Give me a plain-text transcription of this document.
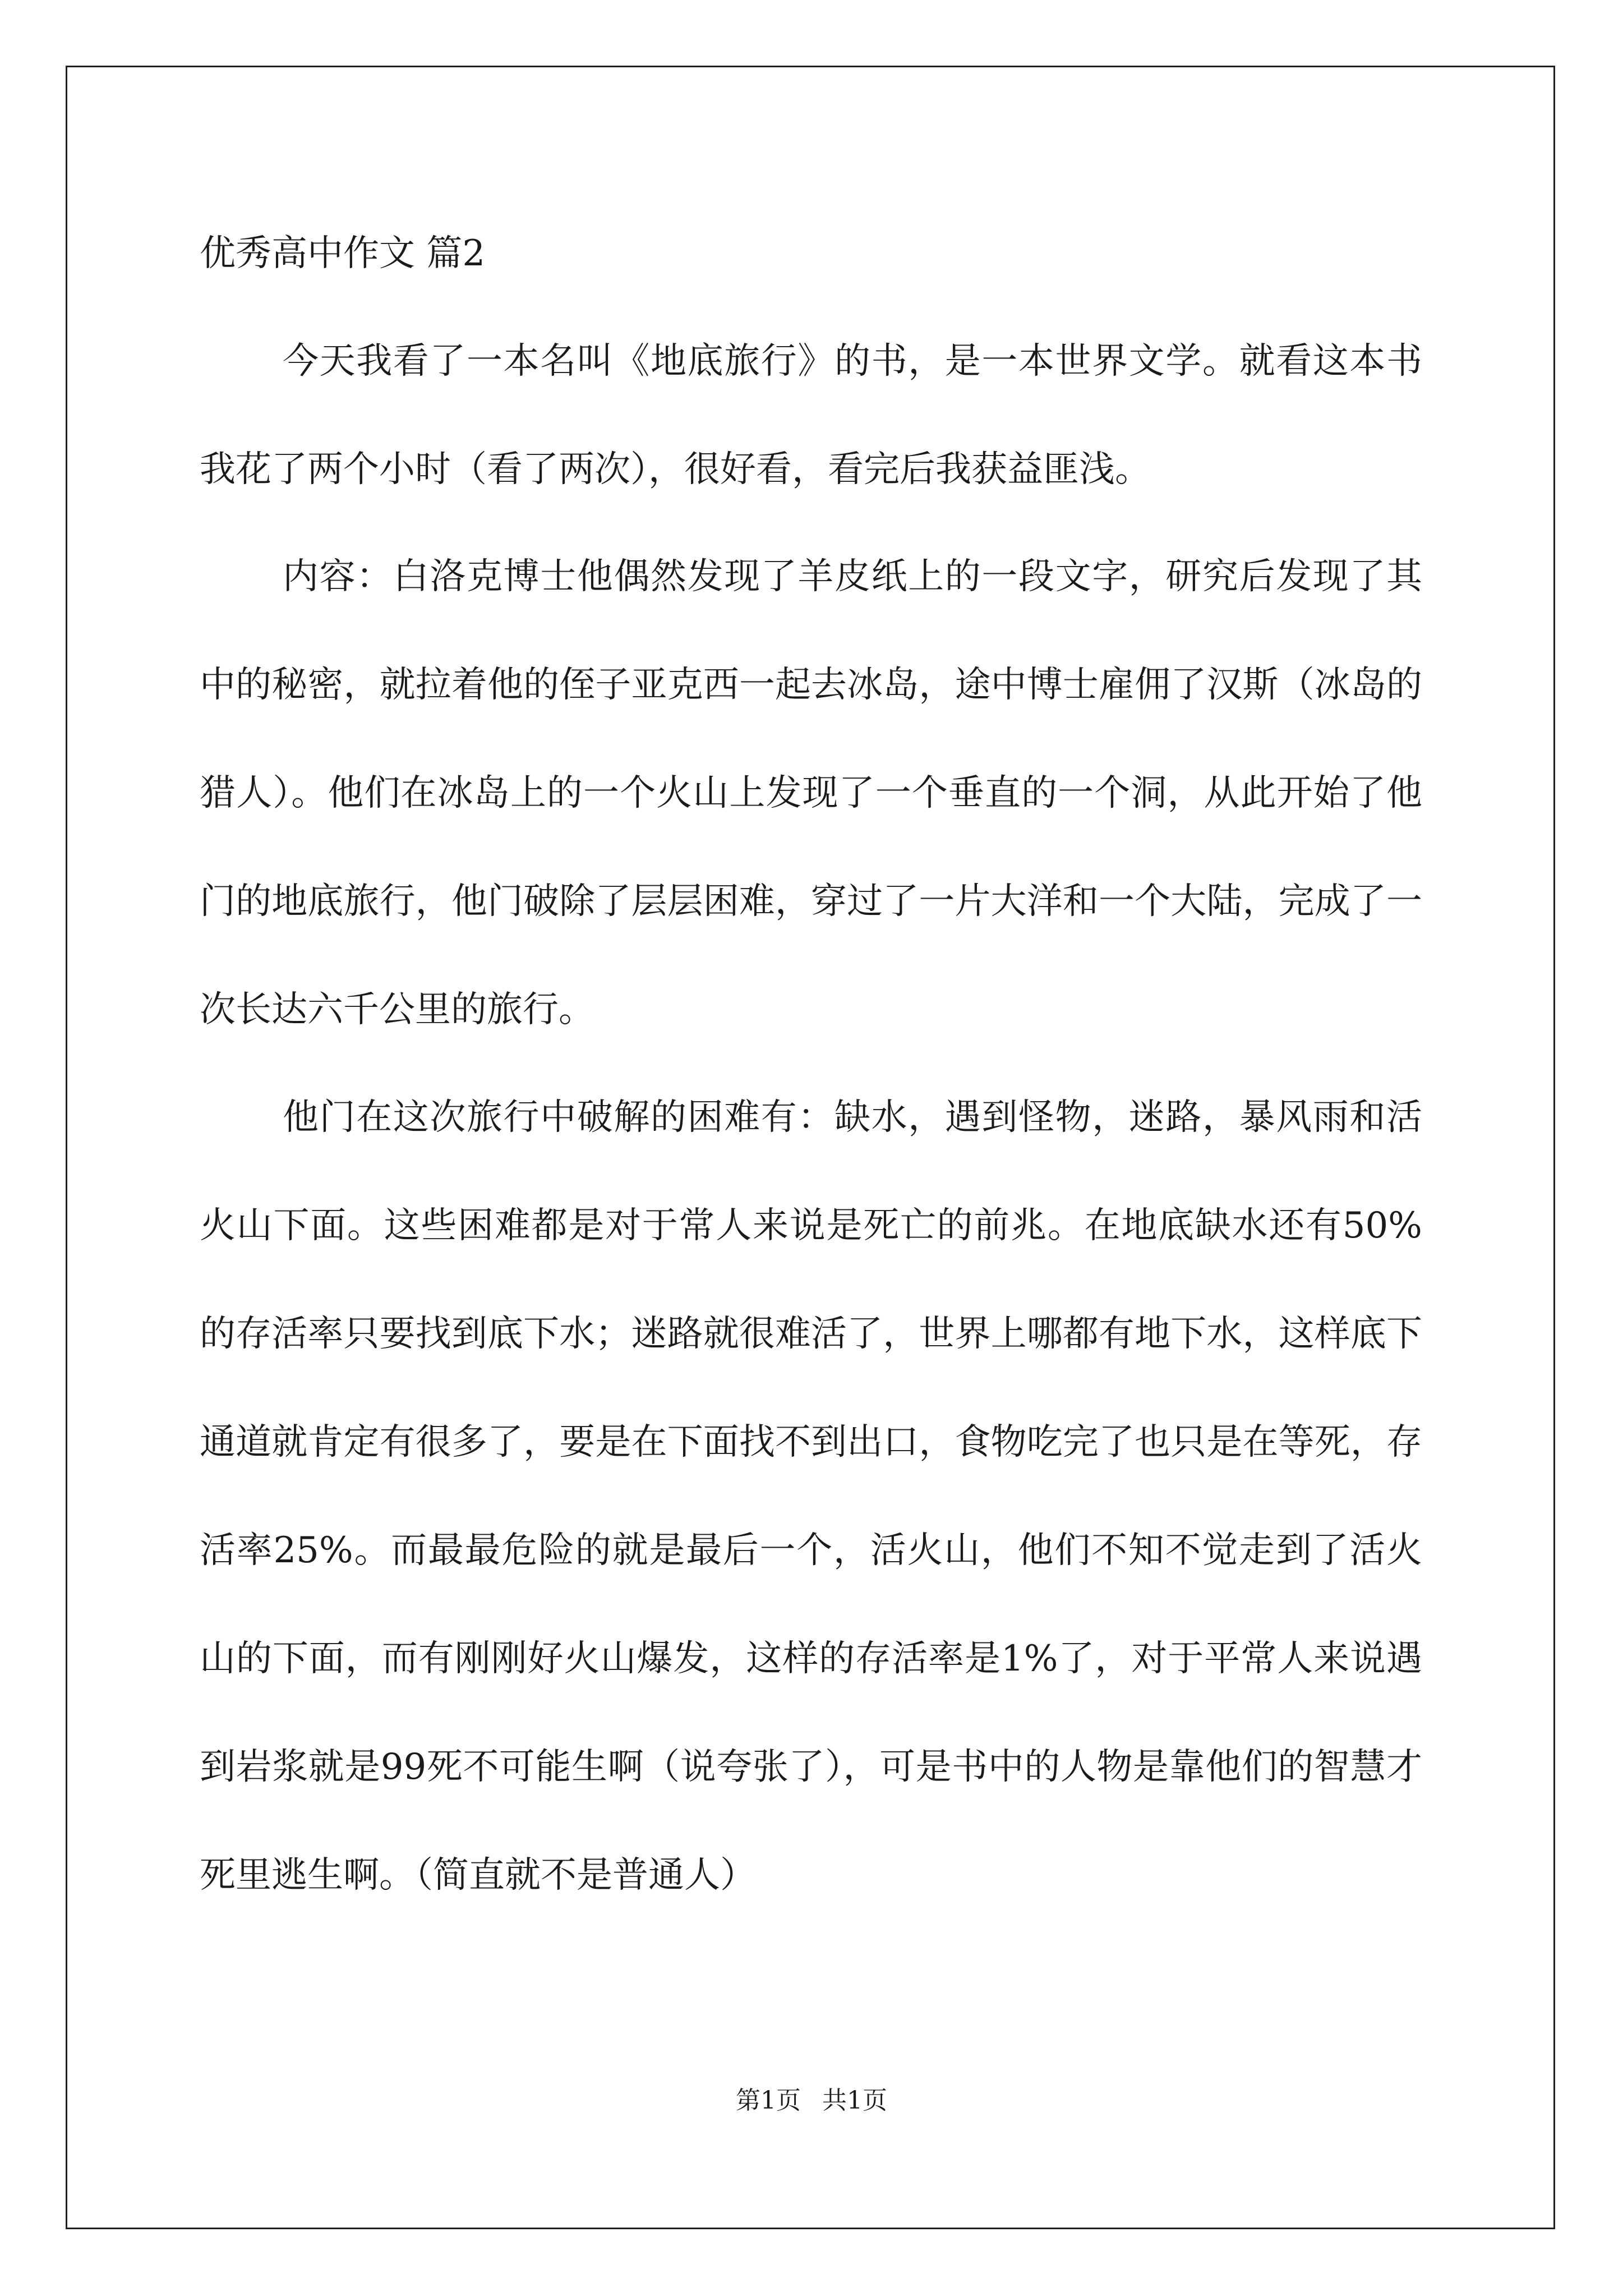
优秀高中作文 篇2

今天我看了一本名叫《地底旅行》的书，是一本世界文学。就看这本书我花了两个小时（看了两次），很好看，看完后我获益匪浅。

内容：白洛克博士他偶然发现了羊皮纸上的一段文字，研究后发现了其中的秘密，就拉着他的侄子亚克西一起去冰岛，途中博士雇佣了汉斯（冰岛的猎人）。他们在冰岛上的一个火山上发现了一个垂直的一个洞，从此开始了他门的地底旅行，他门破除了层层困难，穿过了一片大洋和一个大陆，完成了一次长达六千公里的旅行。

他门在这次旅行中破解的困难有：缺水，遇到怪物，迷路，暴风雨和活火山下面。这些困难都是对于常人来说是死亡的前兆。在地底缺水还有50%的存活率只要找到底下水；迷路就很难活了，世界上哪都有地下水，这样底下通道就肯定有很多了，要是在下面找不到出口，食物吃完了也只是在等死，存活率25%。而最最危险的就是最后一个，活火山，他们不知不觉走到了活火山的下面，而有刚刚好火山爆发，这样的存活率是1%了，对于平常人来说遇到岩浆就是99死不可能生啊（说夸张了），可是书中的人物是靠他们的智慧才死里逃生啊。（简直就不是普通人）

第1页 共1页
